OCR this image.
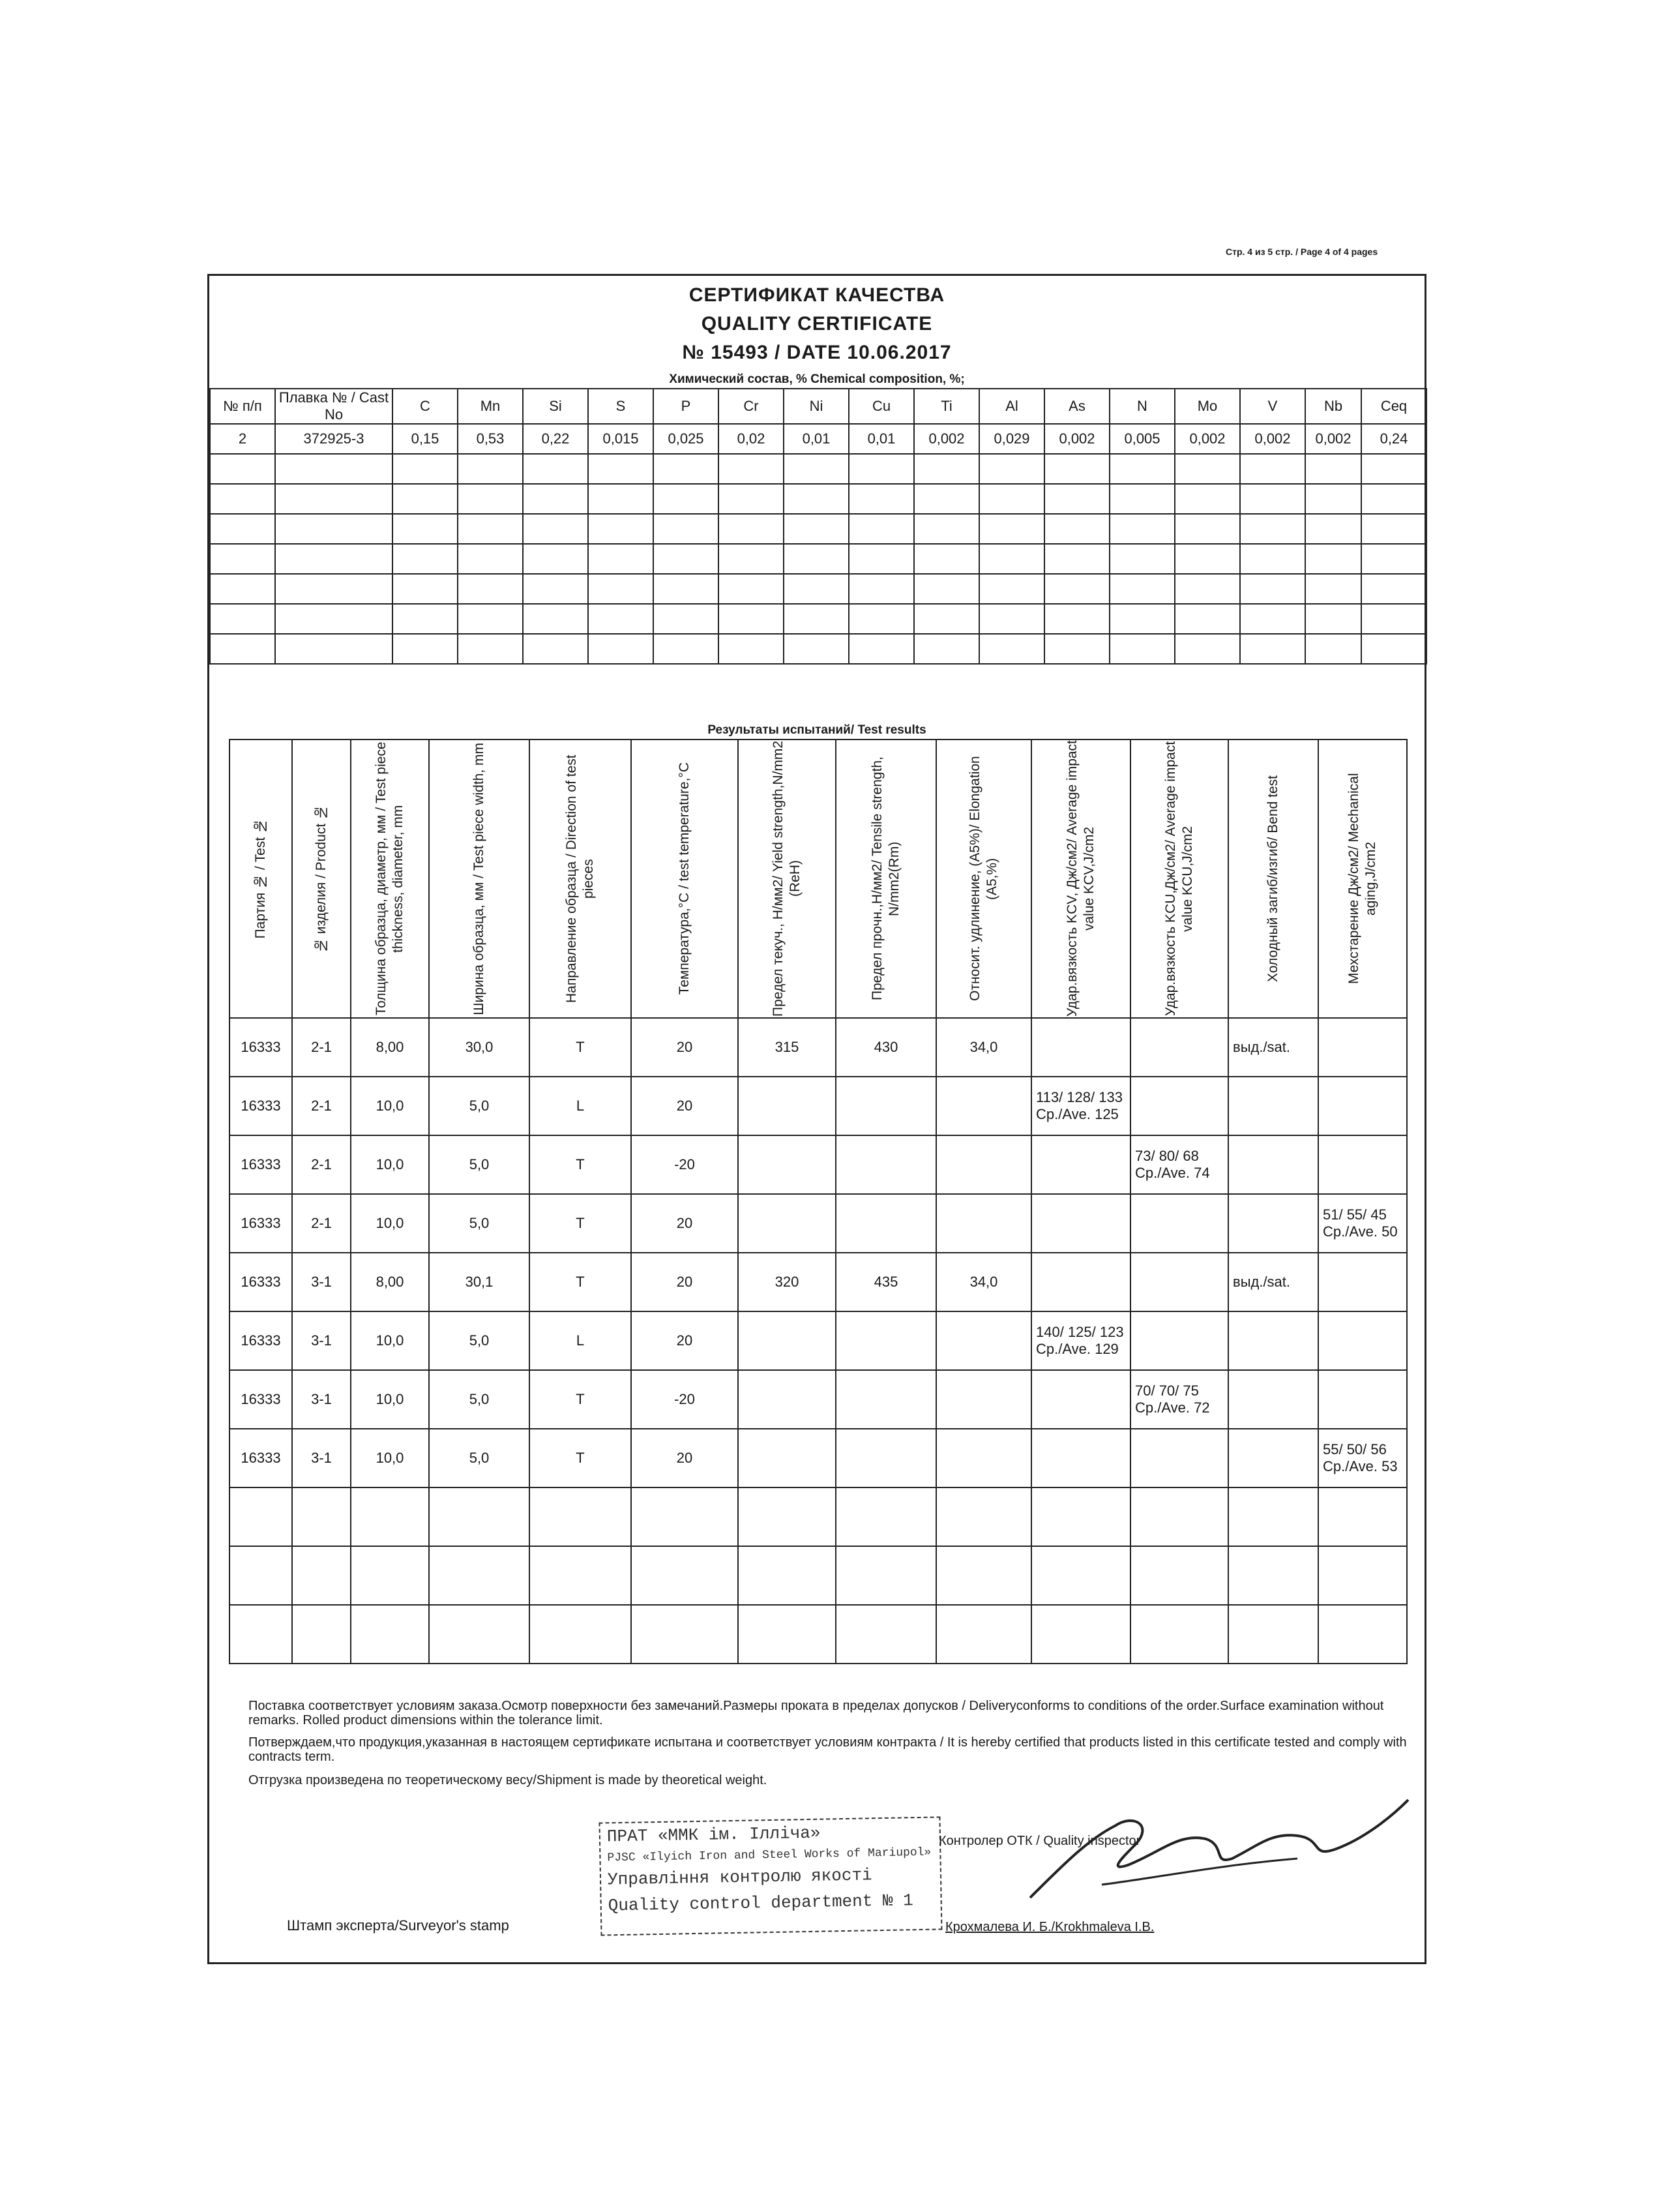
Стр. 4 из 5 стр. / Page 4 of 4 pages
СЕРТИФИКАТ КАЧЕСТВА
QUALITY CERTIFICATE
№ 15493 / DATE 10.06.2017
Химический состав, % Chemical composition, %;
№ п/п	Плавка № / Cast No	C	Mn	Si	S	P	Cr	Ni	Cu	Ti	Al	As	N	Mo	V	Nb	Ceq

2	372925-3	0,15	0,53	0,22	0,015	0,025	0,02	0,01	0,01	0,002	0,029	0,002	0,005	0,002	0,002	0,002	0,24

Результаты испытаний/ Test results
Партия № / Test №	№ изделия / Product №	Толщина образца, диаметр, мм / Test piece thickness, diameter, mm	Ширина образца, мм / Test piece width, mm	Направление образца / Direction of test pieces	Температура,°С / test temperature,°С	Предел текуч., Н/мм2/ Yield strength,N/mm2 (ReH)	Предел прочн.,Н/мм2/ Tensile strength, N/mm2(Rm)	Относит. удлинение, (А5%)/ Elongation (А5,%)	Удар.вязкость KCV, Дж/см2/ Average impact value KCV,J/cm2	Удар.вязкость KCU,Дж/см2/ Average impact value KCU,J/cm2	Холодный загиб/изгиб/ Bend test	Мехстарение Дж/см2/ Mechanical aging,J/cm2

16333	2-1	8,00	30,0	T	20	315	430	34,0			выд./sat.	
16333	2-1	10,0	5,0	L	20				113/ 128/ 133 Ср./Ave. 125			
16333	2-1	10,0	5,0	T	-20					73/ 80/ 68 Ср./Ave. 74		
16333	2-1	10,0	5,0	T	20							51/ 55/ 45 Ср./Ave. 50
16333	3-1	8,00	30,1	T	20	320	435	34,0			выд./sat.	
16333	3-1	10,0	5,0	L	20				140/ 125/ 123 Ср./Ave. 129			
16333	3-1	10,0	5,0	T	-20					70/ 70/ 75 Ср./Ave. 72		
16333	3-1	10,0	5,0	T	20							55/ 50/ 56 Ср./Ave. 53

Поставка соответствует условиям заказа.Осмотр поверхности без замечаний.Размеры проката в пределах допусков / Deliveryconforms to conditions of the order.Surface examination without remarks. Rolled product dimensions within the tolerance limit.
Потверждаем,что продукция,указанная в настоящем сертификате испытана и соответствует условиям контракта / It is hereby certified that products listed in this certificate tested and comply with contracts term.
Отгрузка произведена по теоретическому весу/Shipment is made by theoretical weight.
Штамп эксперта/Surveyor's stamp
ПРАТ «ММК ім. Ілліча»
PJSC «Ilyich Iron and Steel Works of Mariupol»
Управління контролю якості
Quality control department № 1
Контролер ОТК / Quality inspector
Крохмалева И. Б./Krokhmaleva I.B.
